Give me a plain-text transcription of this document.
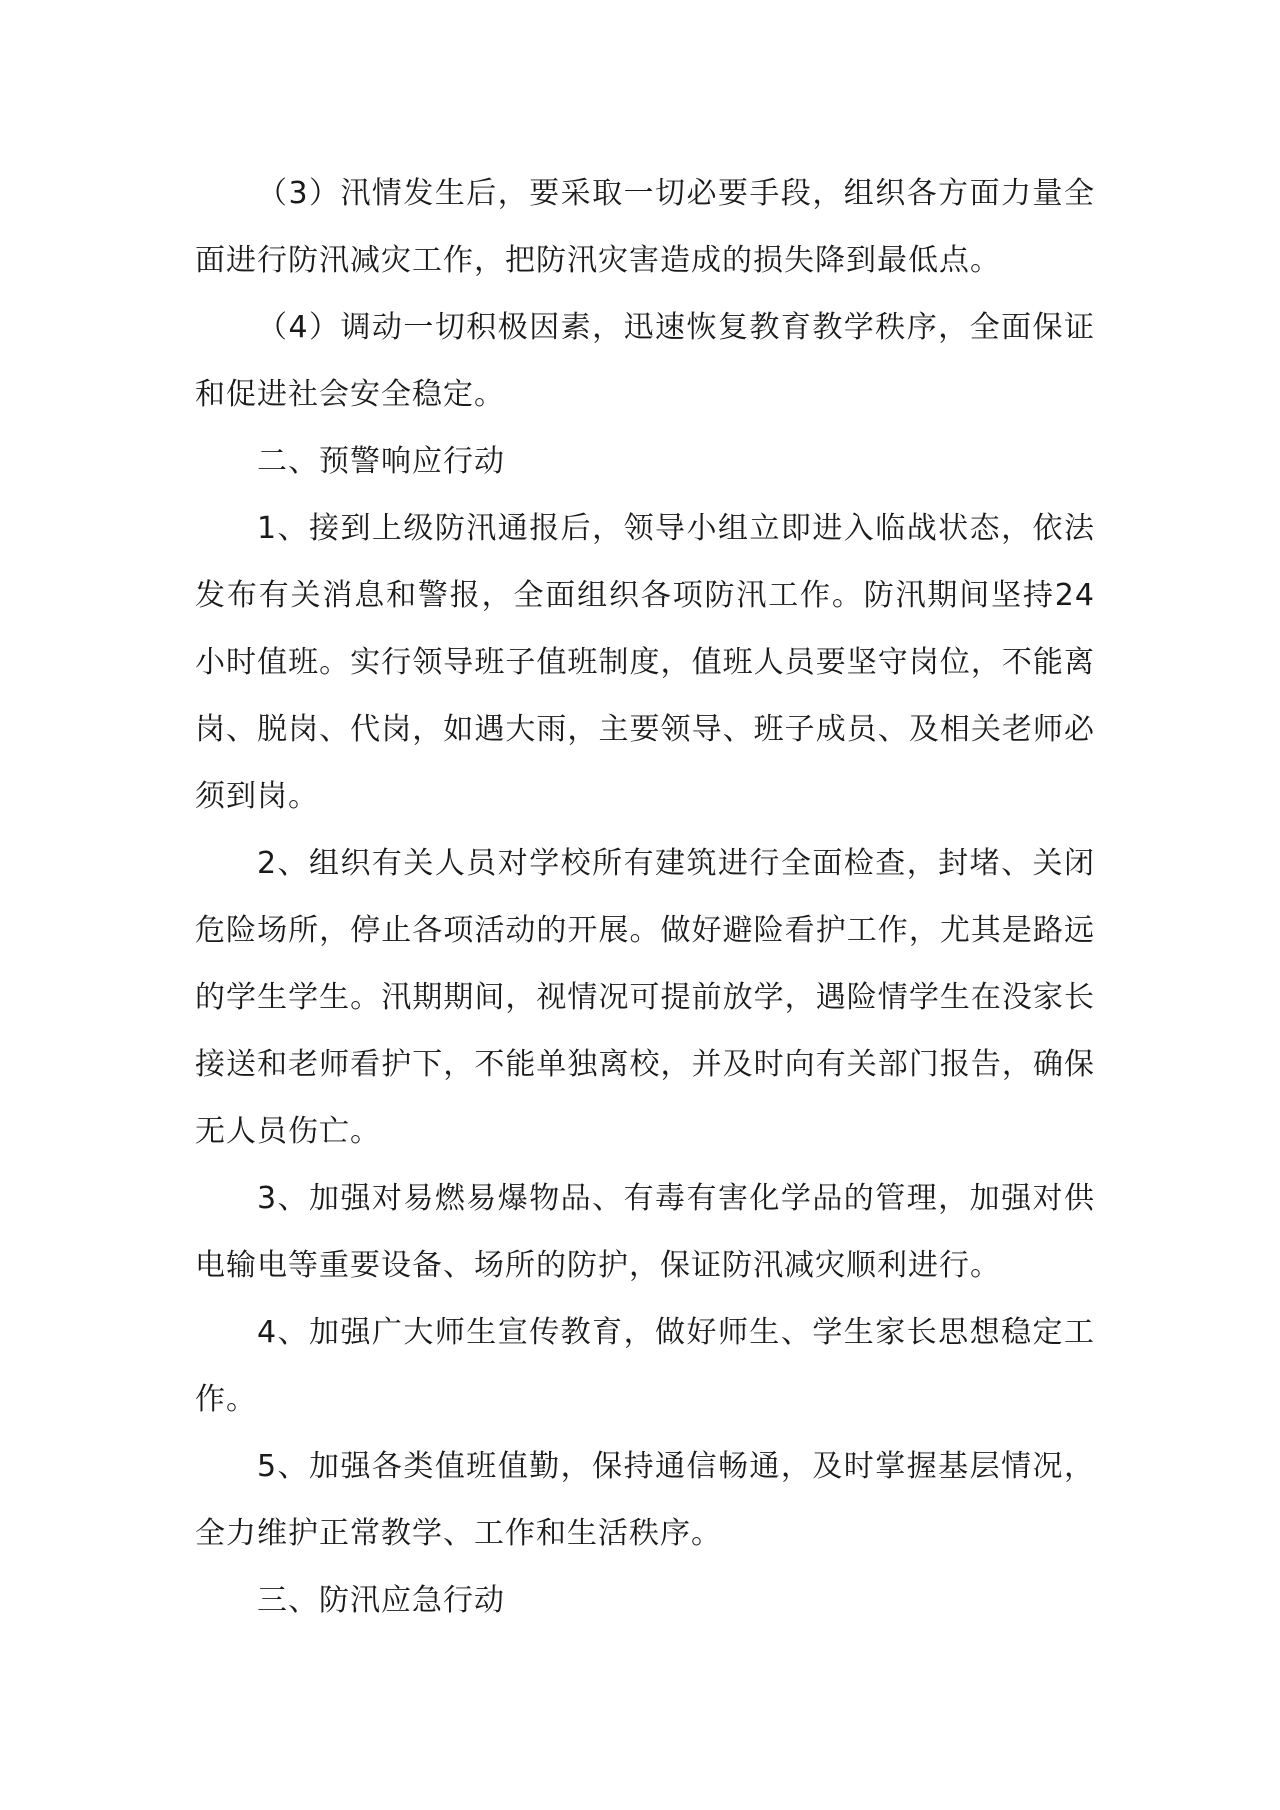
（3）汛情发生后，要采取一切必要手段，组织各方面力量全面进行防汛减灾工作，把防汛灾害造成的损失降到最低点。

（4）调动一切积极因素，迅速恢复教育教学秩序，全面保证和促进社会安全稳定。

二、预警响应行动

1、接到上级防汛通报后，领导小组立即进入临战状态，依法发布有关消息和警报，全面组织各项防汛工作。防汛期间坚持24 小时值班。实行领导班子值班制度，值班人员要坚守岗位，不能离岗、脱岗、代岗，如遇大雨，主要领导、班子成员、及相关老师必须到岗。

2、组织有关人员对学校所有建筑进行全面检查，封堵、关闭危险场所，停止各项活动的开展。做好避险看护工作，尤其是路远的学生学生。汛期期间，视情况可提前放学，遇险情学生在没家长接送和老师看护下，不能单独离校，并及时向有关部门报告，确保无人员伤亡。

3、加强对易燃易爆物品、有毒有害化学品的管理，加强对供电输电等重要设备、场所的防护，保证防汛减灾顺利进行。

4、加强广大师生宣传教育，做好师生、学生家长思想稳定工作。

5、加强各类值班值勤，保持通信畅通，及时掌握基层情况，全力维护正常教学、工作和生活秩序。

三、防汛应急行动
